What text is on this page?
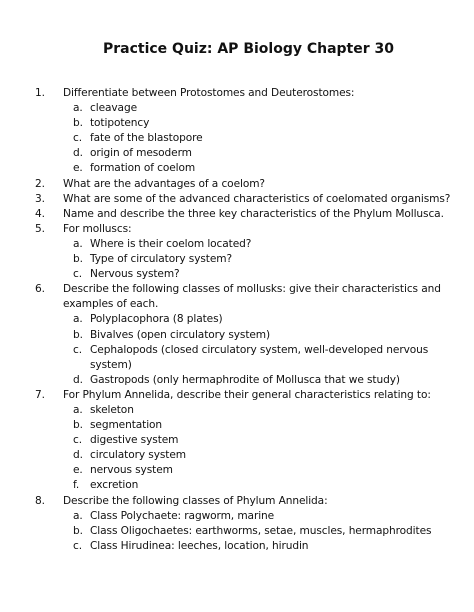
Practice Quiz: AP Biology Chapter 30
1.	Differentiate between Protostomes and Deuterostomes:
a. cleavage
b. totipotency
c. fate of the blastopore
d. origin of mesoderm
e. formation of coelom
2.	What are the advantages of a coelom?
3.	What are some of the advanced characteristics of coelomated organisms?
4.	Name and describe the three key characteristics of the Phylum Mollusca.
5.	For molluscs:
a. Where is their coelom located?
b. Type of circulatory system?
c. Nervous system?
6.	Describe the following classes of mollusks: give their characteristics and examples of each.
a. Polyplacophora (8 plates)
b. Bivalves (open circulatory system)
c. Cephalopods (closed circulatory system, well-developed nervous system)
d. Gastropods (only hermaphrodite of Mollusca that we study)
7.	For Phylum Annelida, describe their general characteristics relating to:
a. skeleton
b. segmentation
c. digestive system
d. circulatory system
e. nervous system
f.	excretion
8.	Describe the following classes of Phylum Annelida:
a. Class Polychaete: ragworm, marine
b. Class Oligochaetes: earthworms, setae, muscles, hermaphrodites
c. Class Hirudinea: leeches, location, hirudin
